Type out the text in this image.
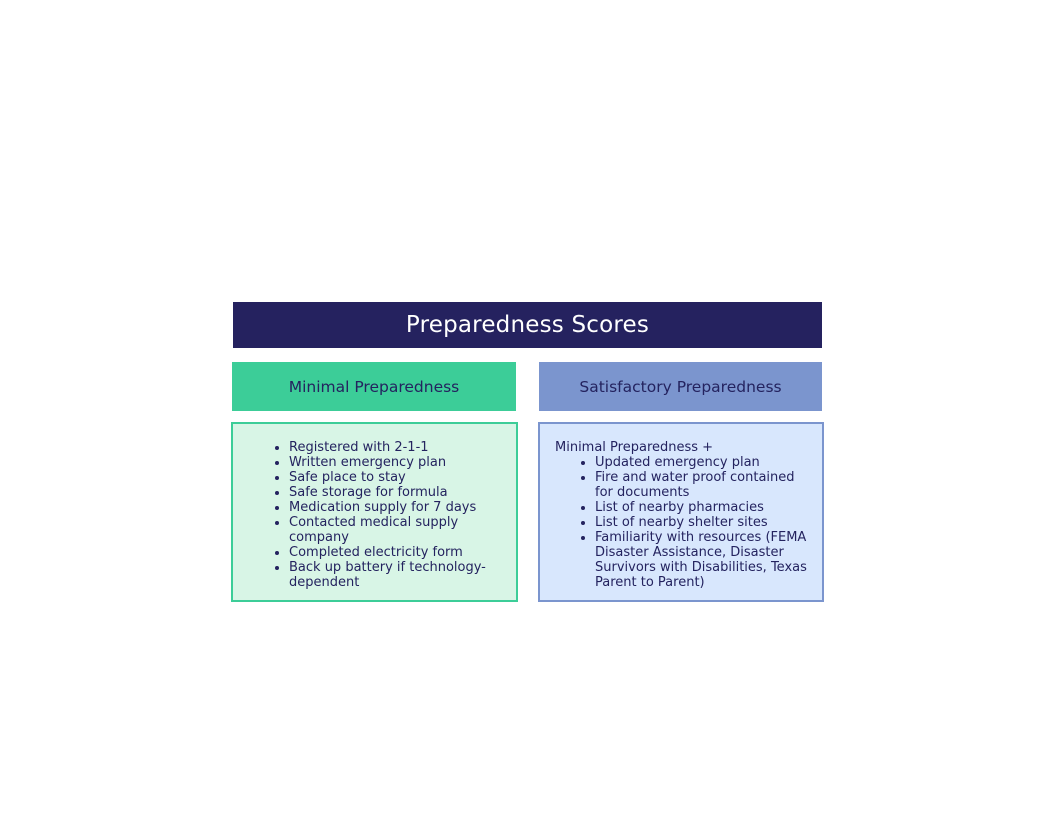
Preparedness Scores
Minimal Preparedness	Satisfactory Preparedness
• Registered with 2-1-1
• Written emergency plan
• Safe place to stay
• Safe storage for formula
• Medication supply for 7 days
• Contacted medical supply company
• Completed electricity form
• Back up battery if technology-dependent

Minimal Preparedness +

• Updated emergency plan
• Fire and water proof contained for documents
• List of nearby pharmacies
• List of nearby shelter sites
• Familiarity with resources (FEMA Disaster Assistance, Disaster Survivors with Disabilities, Texas Parent to Parent)
